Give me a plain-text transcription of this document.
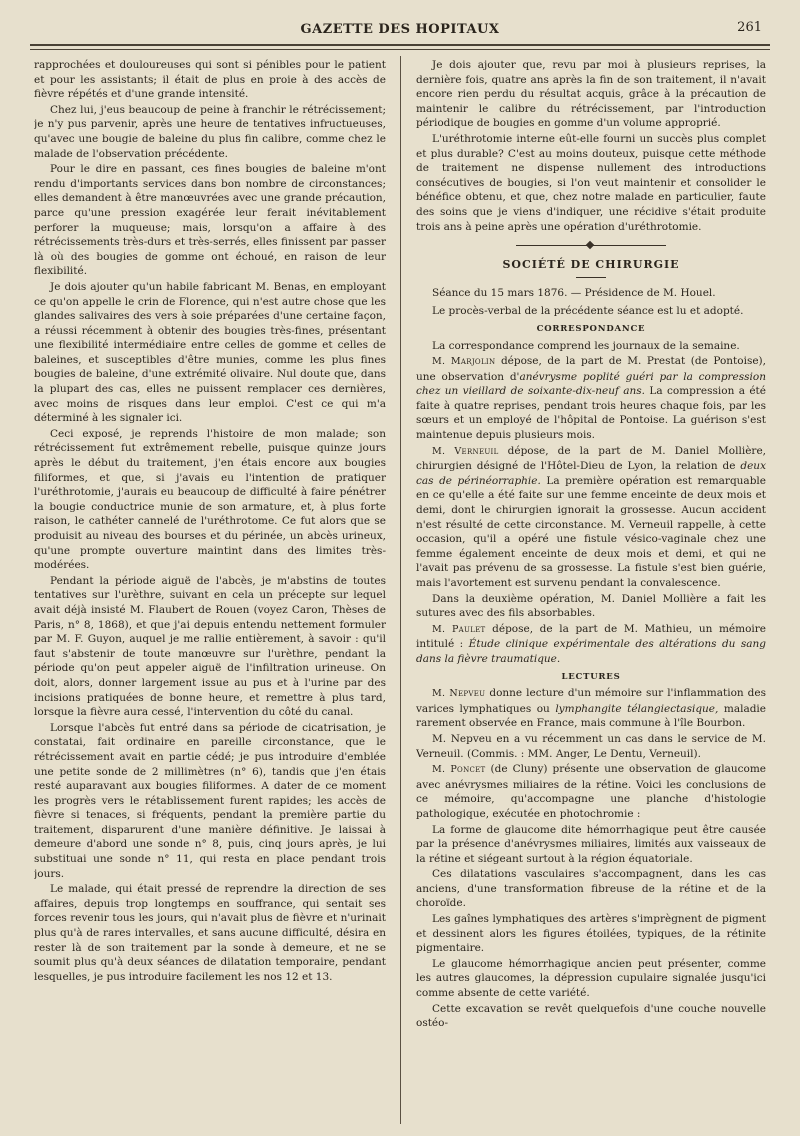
GAZETTE DES HOPITAUX	261

rapprochées et douloureuses qui sont si pénibles pour le patient et pour les assistants; il était de plus en proie à des accès de fièvre répétés et d'une grande intensité.

Chez lui, j'eus beaucoup de peine à franchir le rétrécissement; je n'y pus parvenir, après une heure de tentatives infructueuses, qu'avec une bougie de baleine du plus fin calibre, comme chez le malade de l'observation précédente.

Pour le dire en passant, ces fines bougies de baleine m'ont rendu d'importants services dans bon nombre de circonstances; elles demandent à être manœuvrées avec une grande précaution, parce qu'une pression exagérée leur ferait inévitablement perforer la muqueuse; mais, lorsqu'on a affaire à des rétrécissements très-durs et très-serrés, elles finissent par passer là où des bougies de gomme ont échoué, en raison de leur flexibilité.

Je dois ajouter qu'un habile fabricant M. Benas, en employant ce qu'on appelle le crin de Florence, qui n'est autre chose que les glandes salivaires des vers à soie préparées d'une certaine façon, a réussi récemment à obtenir des bougies très-fines, présentant une flexibilité intermédiaire entre celles de gomme et celles de baleines, et susceptibles d'être munies, comme les plus fines bougies de baleine, d'une extrémité olivaire. Nul doute que, dans la plupart des cas, elles ne puissent remplacer ces dernières, avec moins de risques dans leur emploi. C'est ce qui m'a déterminé à les signaler ici.

Ceci exposé, je reprends l'histoire de mon malade; son rétrécissement fut extrêmement rebelle, puisque quinze jours après le début du traitement, j'en étais encore aux bougies filiformes, et que, si j'avais eu l'intention de pratiquer l'uréthrotomie, j'aurais eu beaucoup de difficulté à faire pénétrer la bougie conductrice munie de son armature, et, à plus forte raison, le cathéter cannelé de l'uréthrotome. Ce fut alors que se produisit au niveau des bourses et du périnée, un abcès urineux, qu'une prompte ouverture maintint dans des limites très-modérées.

Pendant la période aiguë de l'abcès, je m'abstins de toutes tentatives sur l'urèthre, suivant en cela un précepte sur lequel avait déjà insisté M. Flaubert de Rouen (voyez Caron, Thèses de Paris, n° 8, 1868), et que j'ai depuis entendu nettement formuler par M. F. Guyon, auquel je me rallie entièrement, à savoir : qu'il faut s'abstenir de toute manœuvre sur l'urèthre, pendant la période qu'on peut appeler aiguë de l'infiltration urineuse. On doit, alors, donner largement issue au pus et à l'urine par des incisions pratiquées de bonne heure, et remettre à plus tard, lorsque la fièvre aura cessé, l'intervention du côté du canal.

Lorsque l'abcès fut entré dans sa période de cicatrisation, je constatai, fait ordinaire en pareille circonstance, que le rétrécissement avait en partie cédé; je pus introduire d'emblée une petite sonde de 2 millimètres (n° 6), tandis que j'en étais resté auparavant aux bougies filiformes. A dater de ce moment les progrès vers le rétablissement furent rapides; les accès de fièvre si tenaces, si fréquents, pendant la première partie du traitement, disparurent d'une manière définitive. Je laissai à demeure d'abord une sonde n° 8, puis, cinq jours après, je lui substituai une sonde n° 11, qui resta en place pendant trois jours.

Le malade, qui était pressé de reprendre la direction de ses affaires, depuis trop longtemps en souffrance, qui sentait ses forces revenir tous les jours, qui n'avait plus de fièvre et n'urinait plus qu'à de rares intervalles, et sans aucune difficulté, désira en rester là de son traitement par la sonde à demeure, et ne se soumit plus qu'à deux séances de dilatation temporaire, pendant lesquelles, je pus introduire facilement les nos 12 et 13.

Je dois ajouter que, revu par moi à plusieurs reprises, la dernière fois, quatre ans après la fin de son traitement, il n'avait encore rien perdu du résultat acquis, grâce à la précaution de maintenir le calibre du rétrécissement, par l'introduction périodique de bougies en gomme d'un volume approprié.

L'uréthrotomie interne eût-elle fourni un succès plus complet et plus durable? C'est au moins douteux, puisque cette méthode de traitement ne dispense nullement des introductions consécutives de bougies, si l'on veut maintenir et consolider le bénéfice obtenu, et que, chez notre malade en particulier, faute des soins que je viens d'indiquer, une récidive s'était produite trois ans à peine après une opération d'uréthrotomie.

SOCIÉTÉ DE CHIRURGIE

Séance du 15 mars 1876. — Présidence de M. Houel.

Le procès-verbal de la précédente séance est lu et adopté.

CORRESPONDANCE

La correspondance comprend les journaux de la semaine.

M. Marjolin dépose, de la part de M. Prestat (de Pontoise), une observation d'anévrysme poplité guéri par la compression chez un vieillard de soixante-dix-neuf ans. La compression a été faite à quatre reprises, pendant trois heures chaque fois, par les sœurs et un employé de l'hôpital de Pontoise. La guérison s'est maintenue depuis plusieurs mois.

M. Verneuil dépose, de la part de M. Daniel Mollière, chirurgien désigné de l'Hôtel-Dieu de Lyon, la relation de deux cas de périnéorraphie. La première opération est remarquable en ce qu'elle a été faite sur une femme enceinte de deux mois et demi, dont le chirurgien ignorait la grossesse. Aucun accident n'est résulté de cette circonstance. M. Verneuil rappelle, à cette occasion, qu'il a opéré une fistule vésico-vaginale chez une femme également enceinte de deux mois et demi, et qui ne l'avait pas prévenu de sa grossesse. La fistule s'est bien guérie, mais l'avortement est survenu pendant la convalescence.

Dans la deuxième opération, M. Daniel Mollière a fait les sutures avec des fils absorbables.

M. Paulet dépose, de la part de M. Mathieu, un mémoire intitulé : Étude clinique expérimentale des altérations du sang dans la fièvre traumatique.

LECTURES

M. Nepveu donne lecture d'un mémoire sur l'inflammation des varices lymphatiques ou lymphangite télangiectasique, maladie rarement observée en France, mais commune à l'île Bourbon.

M. Nepveu en a vu récemment un cas dans le service de M. Verneuil. (Commis. : MM. Anger, Le Dentu, Verneuil).

M. Poncet (de Cluny) présente une observation de glaucome avec anévrysmes miliaires de la rétine. Voici les conclusions de ce mémoire, qu'accompagne une planche d'histologie pathologique, exécutée en photochromie :

La forme de glaucome dite hémorrhagique peut être causée par la présence d'anévrysmes miliaires, limités aux vaisseaux de la rétine et siégeant surtout à la région équatoriale.

Ces dilatations vasculaires s'accompagnent, dans les cas anciens, d'une transformation fibreuse de la rétine et de la choroïde.

Les gaînes lymphatiques des artères s'imprègnent de pigment et dessinent alors les figures étoilées, typiques, de la rétinite pigmentaire.

Le glaucome hémorrhagique ancien peut présenter, comme les autres glaucomes, la dépression cupulaire signalée jusqu'ici comme absente de cette variété.

Cette excavation se revêt quelquefois d'une couche nouvelle ostéo-
